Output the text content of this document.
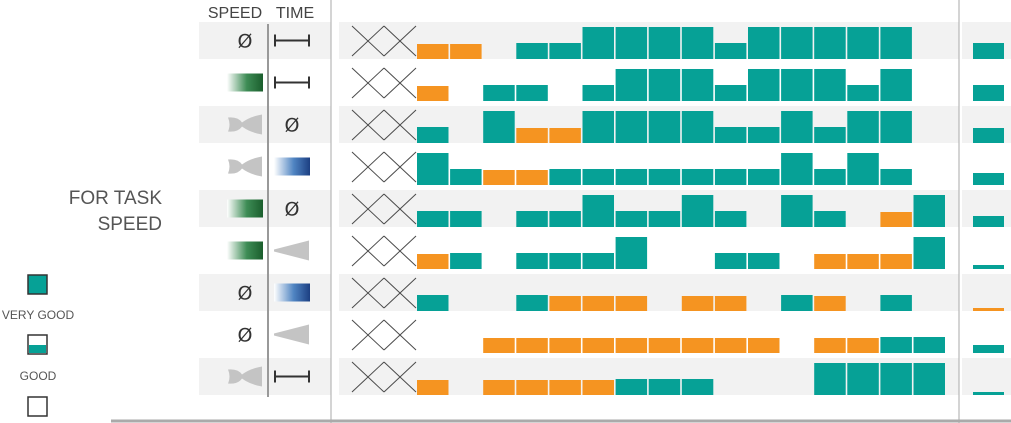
SPEED TIME
FOR TASK
SPEED
Ø
Ø
Ø
Ø
Ø
VERY GOOD
GOOD
